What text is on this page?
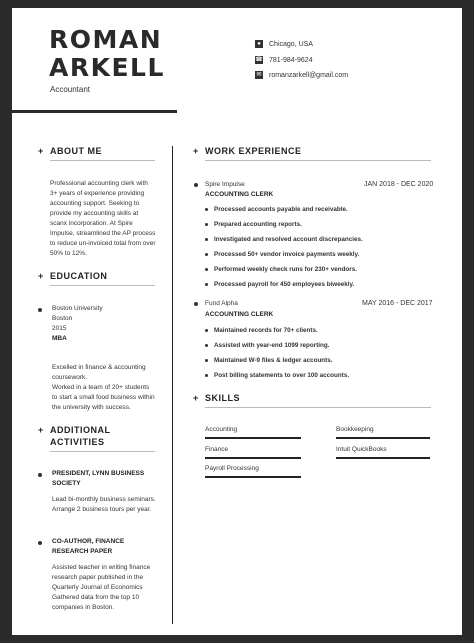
ROMAN
ARKELL
Accountant
●	Chicago, USA
☎ 781-984-9624
✉ romanzarkell@gmail.com
+ ABOUT ME
Professional accounting clerk with 3+ years of experience providing accounting support. Seeking to provide my accounting skills at scanx incorporation. At Spire Impulse, streamlined the AP process to reduce un-invoiced total from over 50% to 12%.
+ EDUCATION
Boston University
Boston
2015
MBA
Excelled in finance & accounting coursework.
Worked in a team of 20+ students to start a small food business within the university with success.
+ ADDITIONAL
ACTIVITIES
PRESIDENT, LYNN BUSINESS
SOCIETY
Lead bi-monthly business seminars.
Arrange 2 business tours per year.
CO-AUTHOR, FINANCE
RESEARCH PAPER
Assisted teacher in writing finance research paper published in the Quarterly Journal of Economics
Gathered data from the top 10 companies in Boston.
+ WORK EXPERIENCE
Spire Impulse	JAN 2018 - DEC 2020
ACCOUNTING CLERK
Processed accounts payable and receivable.
Prepared accounting reports.
Investigated and resolved account discrepancies.
Processed 50+ vendor invoice payments weekly.
Performed weekly check runs for 230+ vendors.
Processed payroll for 450 employees biweekly.
Fund Alpha	MAY 2016 - DEC 2017
ACCOUNTING CLERK
Maintained records for 70+ clients.
Assisted with year-end 1099 reporting.
Maintained W-9 files & ledger accounts.
Post billing statements to over 100 accounts.
+ SKILLS
Accounting	Bookkeeping
Finance	Intuit QuickBooks
Payroll Processing
